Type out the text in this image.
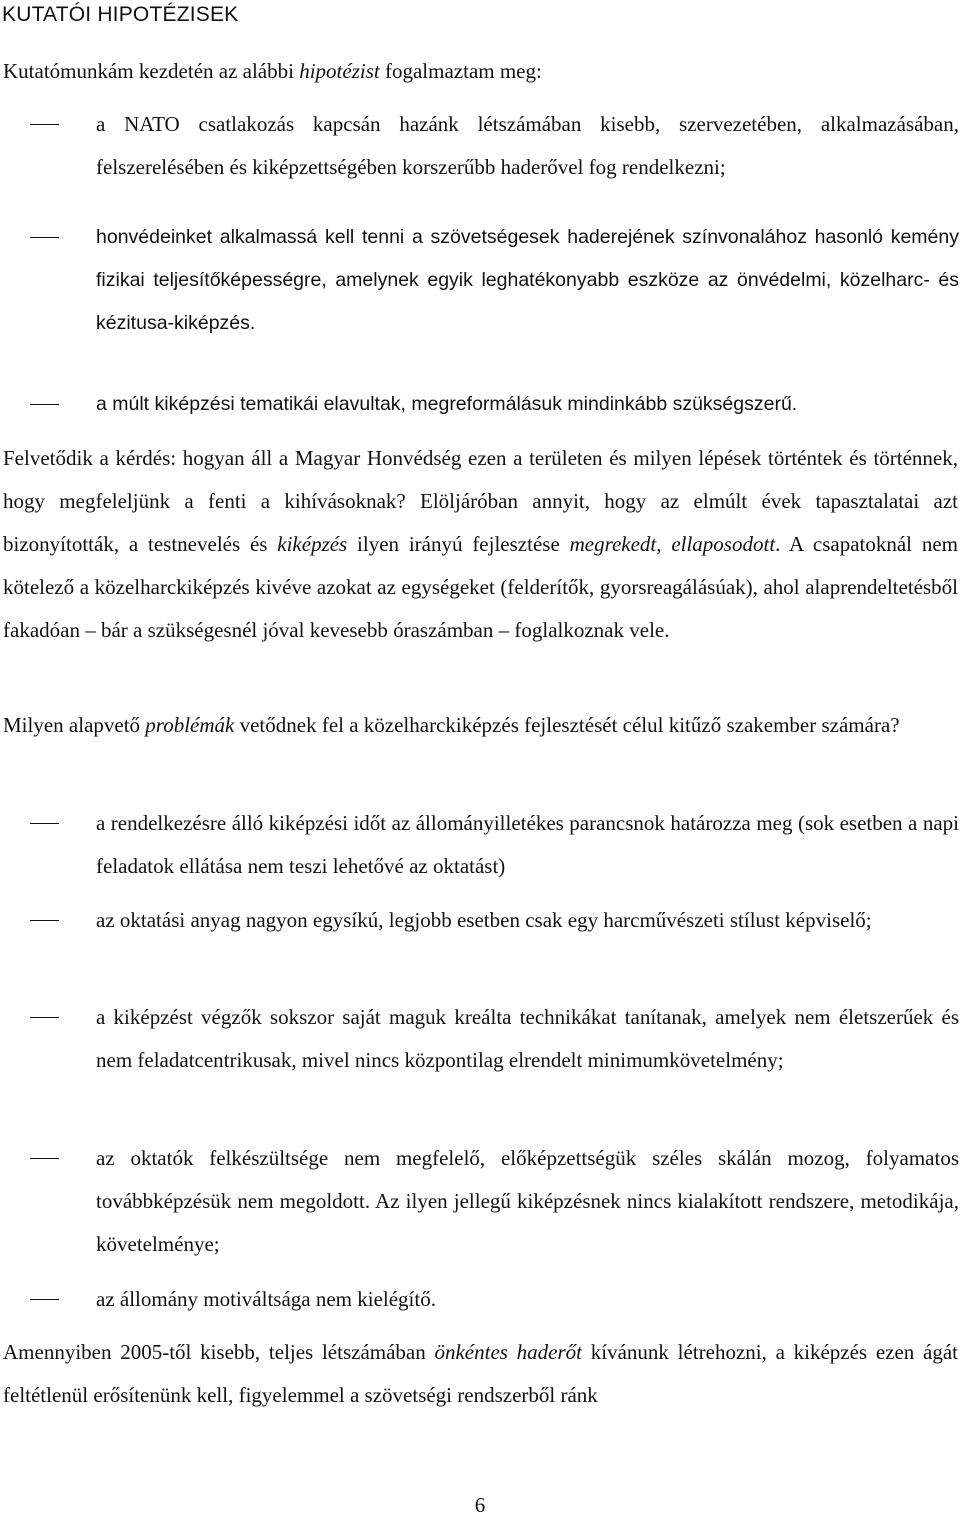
KUTATÓI HIPOTÉZISEK

Kutatómunkám kezdetén az alábbi hipotézist fogalmaztam meg:

a NATO csatlakozás kapcsán hazánk létszámában kisebb, szervezetében, alkalmazásában, felszerelésében és kiképzettségében korszerűbb haderővel fog rendelkezni;

honvédeinket alkalmassá kell tenni a szövetségesek haderejének színvonalához hasonló kemény fizikai teljesítőképességre, amelynek egyik leghatékonyabb eszköze az önvédelmi, közelharc- és kézitusa-kiképzés.

a múlt kiképzési tematikái elavultak, megreformálásuk mindinkább szükségszerű.

Felvetődik a kérdés: hogyan áll a Magyar Honvédség ezen a területen és milyen lépések történtek és történnek, hogy megfeleljünk a fenti a kihívásoknak? Elöljáróban annyit, hogy az elmúlt évek tapasztalatai azt bizonyították, a testnevelés és kiképzés ilyen irányú fejlesztése megrekedt, ellaposodott. A csapatoknál nem kötelező a közelharckiképzés kivéve azokat az egységeket (felderítők, gyorsreagálásúak), ahol alaprendeltetésből fakadóan – bár a szükségesnél jóval kevesebb óraszámban – foglalkoznak vele.

Milyen alapvető problémák vetődnek fel a közelharckiképzés fejlesztését célul kitűző szakember számára?

a rendelkezésre álló kiképzési időt az állományilletékes parancsnok határozza meg (sok esetben a napi feladatok ellátása nem teszi lehetővé az oktatást)

az oktatási anyag nagyon egysíkú, legjobb esetben csak egy harcművészeti stílust képviselő;

a kiképzést végzők sokszor saját maguk kreálta technikákat tanítanak, amelyek nem életszerűek és nem feladatcentrikusak, mivel nincs központilag elrendelt minimumkövetelmény;

az oktatók felkészültsége nem megfelelő, előképzettségük széles skálán mozog, folyamatos továbbképzésük nem megoldott. Az ilyen jellegű kiképzésnek nincs kialakított rendszere, metodikája, követelménye;

az állomány motiváltsága nem kielégítő.

Amennyiben 2005-től kisebb, teljes létszámában önkéntes haderőt kívánunk létrehozni, a kiképzés ezen ágát feltétlenül erősítenünk kell, figyelemmel a szövetségi rendszerből ránk

6
